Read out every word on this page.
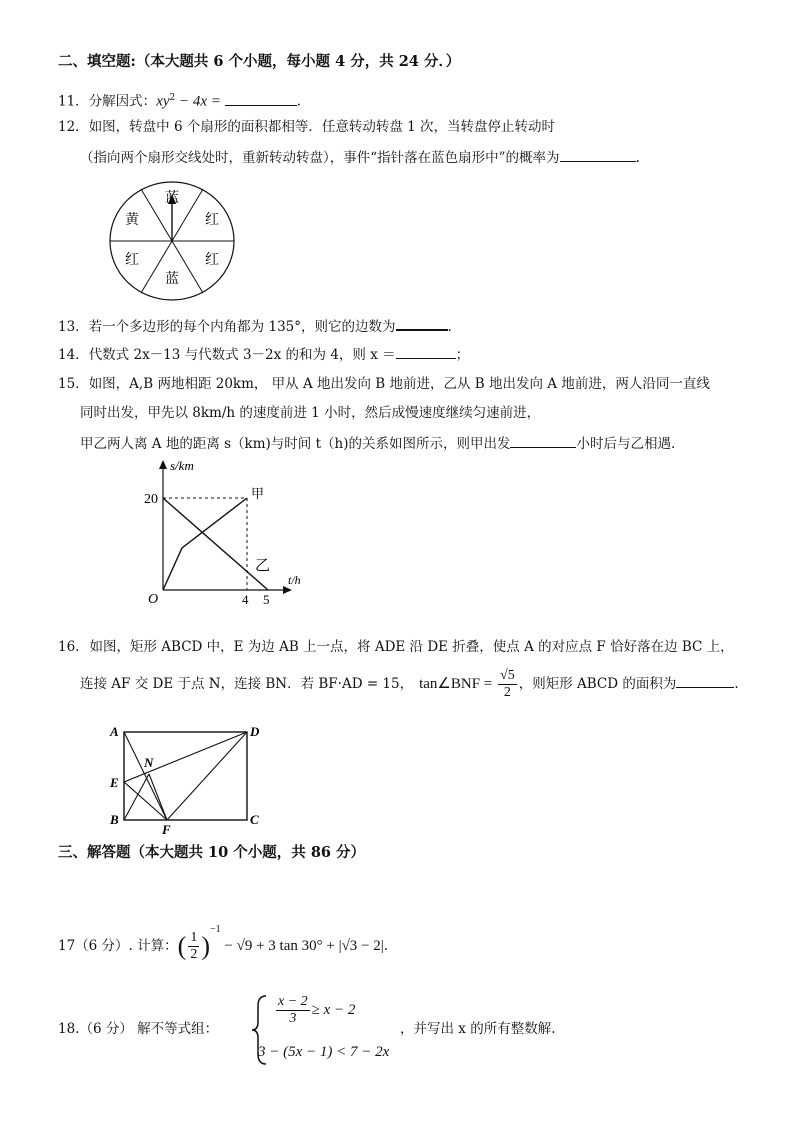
二、填空题:（本大题共 6 个小题，每小题 4 分，共 24 分．）
11．分解因式：$xy^2 - 4x$ =	.
12．如图，转盘中 6 个扇形的面积都相等．任意转动转盘 1 次，当转盘停止转动时
（指向两个扇形交线处时，重新转动转盘），事件“指针落在蓝色扇形中”的概率为	.
蓝
红
红
蓝
红
黄
13．若一个多边形的每个内角都为 135°，则它的边数为	.
14．代数式 2x－13 与代数式 3－2x 的和为 4，则 x ＝	；
15．如图，A,B 两地相距 20km， 甲从 A 地出发向 B 地前进，乙从 B 地出发向 A 地前进，两人沿同一直线
同时出发，甲先以 8km/h 的速度前进 1 小时，然后成慢速度继续匀速前进，
甲乙两人离 A 地的距离 s（km)与时间 t（h)的关系如图所示，则甲出发	小时后与乙相遇.
s/km
t/h
O
20
4 5
甲
乙
16. 如图，矩形 ABCD 中，E 为边 AB 上一点，将 ADE 沿 DE 折叠，使点 A 的对应点 F 恰好落在边 BC 上，
连接 AF 交 DE 于点 N，连接 BN．若 BF·AD = 15， tan∠BNF = $\frac{√5}{2}$ ，则矩形 ABCD 的面积为	.
A
B	C
D
E
F
N
三、解答题（本大题共 10 个小题，共 86 分）
17（6 分）. 计算：( $\frac{1}{2} )^{-1} - √9 + 3$ tan 30° + |√3 − 2|.
18.（6 分） 解不等式组：
$\frac{x - 2}{3} \ge x - 2$
3 − (5x − 1) < 7 − 2x
，并写出 x 的所有整数解.
